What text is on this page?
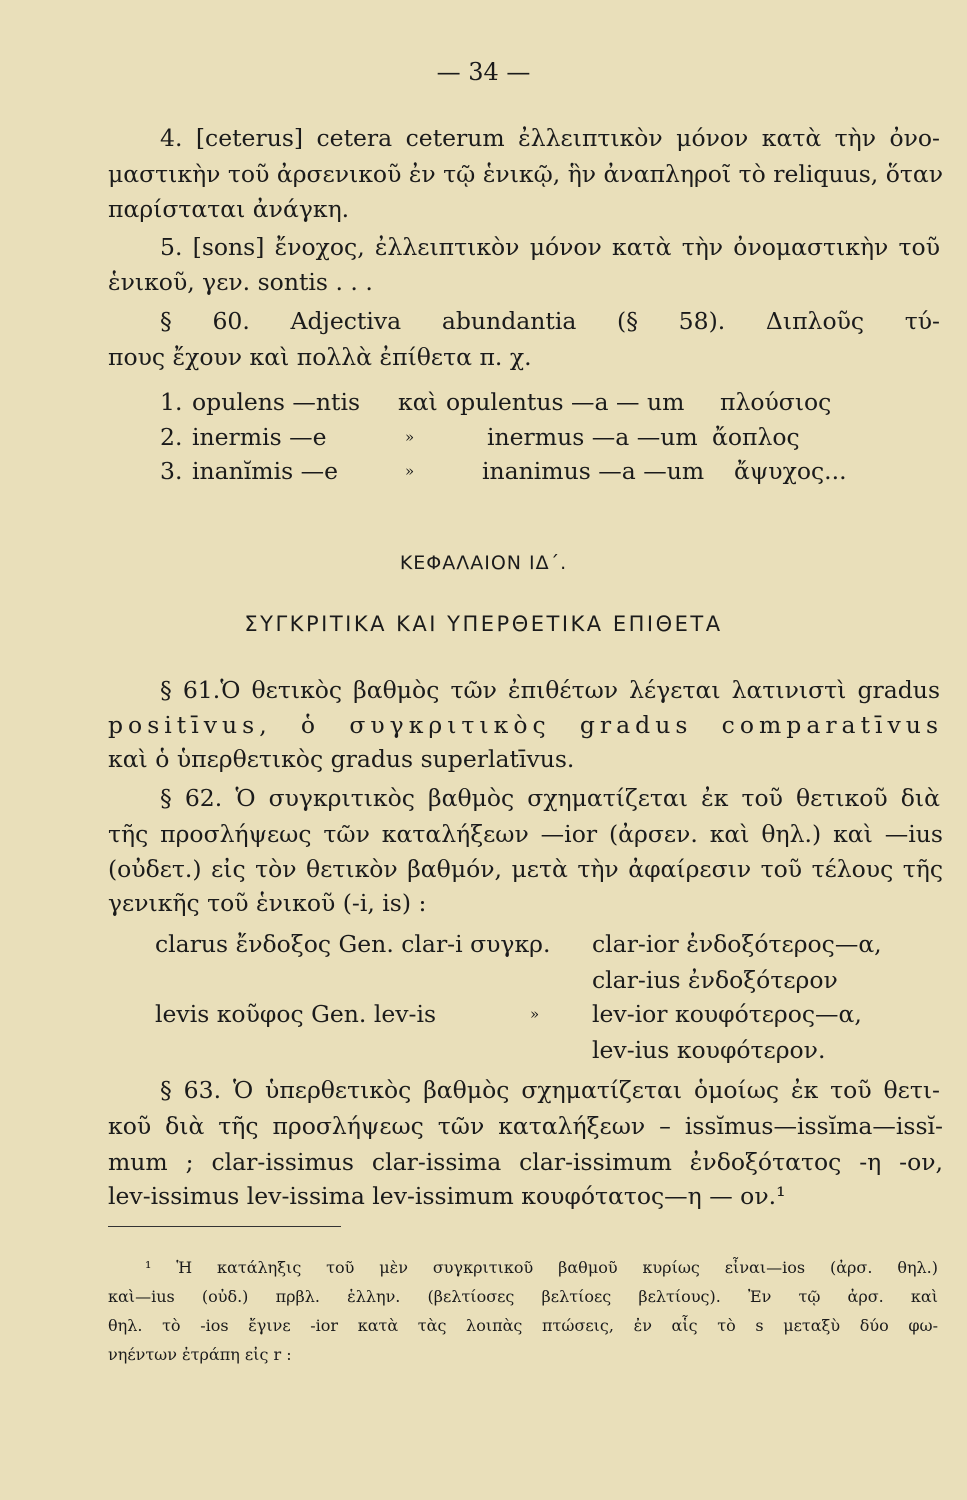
— 34 —
4. [ceterus] cetera ceterum ἐλλειπτικὸν μόνον κατὰ τὴν ὀνο-
μαστικὴν τοῦ ἀρσενικοῦ ἐν τῷ ἑνικῷ, ἣν ἀναπληροῖ τὸ reliquus, ὅταν
παρίσταται ἀνάγκη.
5. [sons] ἔνοχος, ἐλλειπτικὸν μόνον κατὰ τὴν ὀνομαστικὴν τοῦ
ἑνικοῦ, γεν. sontis . . .
§ 60. Adjectiva abundantia (§ 58). Διπλοῦς τύ-
πους ἔχουν καὶ πολλὰ ἐπίθετα π. χ.
1. opulens —ntis καὶ opulentus —a — um πλούσιος
2. inermis —e	»	inermus —a —um ἄοπλος
3. inanĭmis —e	»	inanimus —a —um ἄψυχος...
ΚΕΦΑΛΑΙΟΝ ΙΔ΄.
ΣΥΓΚΡΙΤΙΚΑ ΚΑΙ ΥΠΕΡΘΕΤΙΚΑ ΕΠΙΘΕΤΑ
§ 61.Ὁ θετικὸς βαθμὸς τῶν ἐπιθέτων λέγεται λατινιστὶ gradus
positīvus, ὁ συγκριτικὸς gradus comparatīvus
καὶ ὁ ὑπερθετικὸς gradus superlatīvus.
§ 62. Ὁ συγκριτικὸς βαθμὸς σχηματίζεται ἐκ τοῦ θετικοῦ διὰ
τῆς προσλήψεως τῶν καταλήξεων —ior (ἀρσεν. καὶ θηλ.) καὶ —ius
(οὐδετ.) εἰς τὸν θετικὸν βαθμόν, μετὰ τὴν ἀφαίρεσιν τοῦ τέλους τῆς
γενικῆς τοῦ ἑνικοῦ (-i, is) :
clarus ἔνδοξος Gen. clar-i συγκρ. clar-ior ἐνδοξότερος—α,
clar-ius ἐνδοξότερον
levis κοῦφος Gen. lev-is	» lev-ior κουφότερος—α,
lev-ius κουφότερον.
§ 63. Ὁ ὑπερθετικὸς βαθμὸς σχηματίζεται ὁμοίως ἐκ τοῦ θετι-
κοῦ διὰ τῆς προσλήψεως τῶν καταλήξεων – issĭmus—issĭma—issĭ-
mum ; clar-issimus clar-issima clar-issimum ἐνδοξότατος -η -ον,
lev-issimus lev-issima lev-issimum κουφότατος—η — ον.¹
¹ Ἡ κατάληξις τοῦ μὲν συγκριτικοῦ βαθμοῦ κυρίως εἶναι—ios (ἀρσ. θηλ.)
καὶ—ius (οὐδ.) πρβλ. ἑλλην. (βελτίοσες βελτίοες βελτίους). Ἐν τῷ ἀρσ. καὶ
θηλ. τὸ -ios ἔγινε -ior κατὰ τὰς λοιπὰς πτώσεις, ἐν αἷς τὸ s μεταξὺ δύο φω-
νηέντων ἐτράπη εἰς r :
